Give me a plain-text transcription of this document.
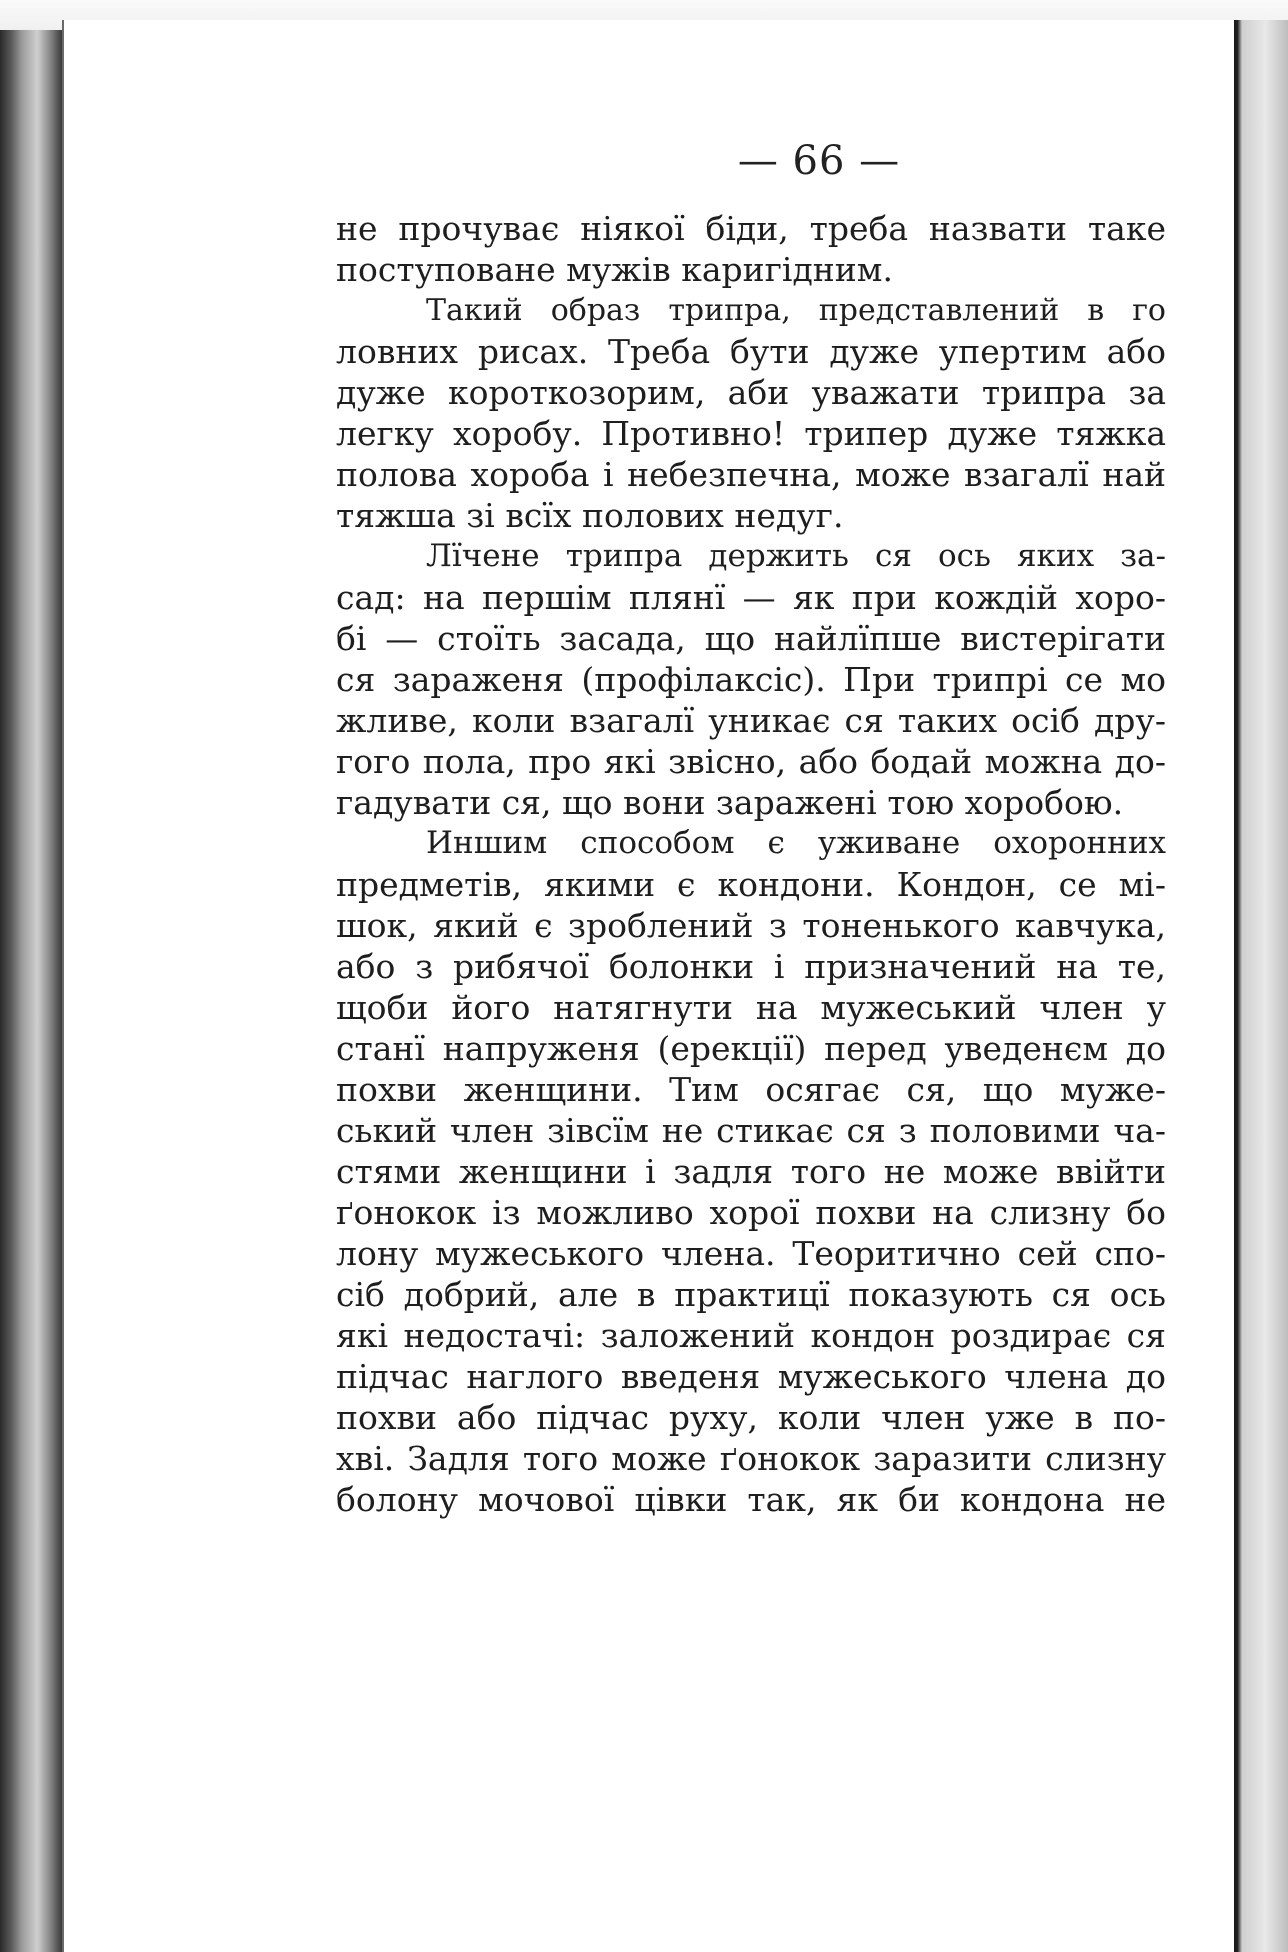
— 66 —

не прочуває ніякої біди, треба назвати таке

поступоване мужів каригідним.

Такий образ трипра, представлений в го

ловних рисах. Треба бути дуже упертим або

дуже короткозорим, аби уважати трипра за

легку хоробу. Противно! трипер дуже тяжка

полова хороба і небезпечна, може взагалї най

тяжша зі всїх полових недуг.

Лїчене трипра держить ся ось яких за-

сад: на першім плянї — як при кождій хоро-

бі — стоїть засада, що найлїпше вистерігати

ся зараженя (профілаксіс). При трипрі се мо

жливе, коли взагалї уникає ся таких осіб дру-

гого пола, про які звісно, або бодай можна до-

гадувати ся, що вони заражені тою хоробою.

Иншим способом є уживане охоронних

предметів, якими є кондони. Кондон, се мі-

шок, який є зроблений з тоненького кавчука,

або з рибячої болонки і призначений на те,

щоби його натягнути на мужеський член у

станї напруженя (ерекції) перед уведенєм до

похви женщини. Тим осягає ся, що муже-

ський член зівсїм не стикає ся з половими ча-

стями женщини і задля того не може ввійти

ґонокок із можливо хорої похви на слизну бо

лону мужеського члена. Теоритично сей спо-

сіб добрий, але в практицї показують ся ось

які недостачі: заложений кондон роздирає ся

підчас наглого введеня мужеського члена до

похви або підчас руху, коли член уже в по-

хві. Задля того може ґонокок заразити слизну

болону мочової цівки так, як би кондона не
